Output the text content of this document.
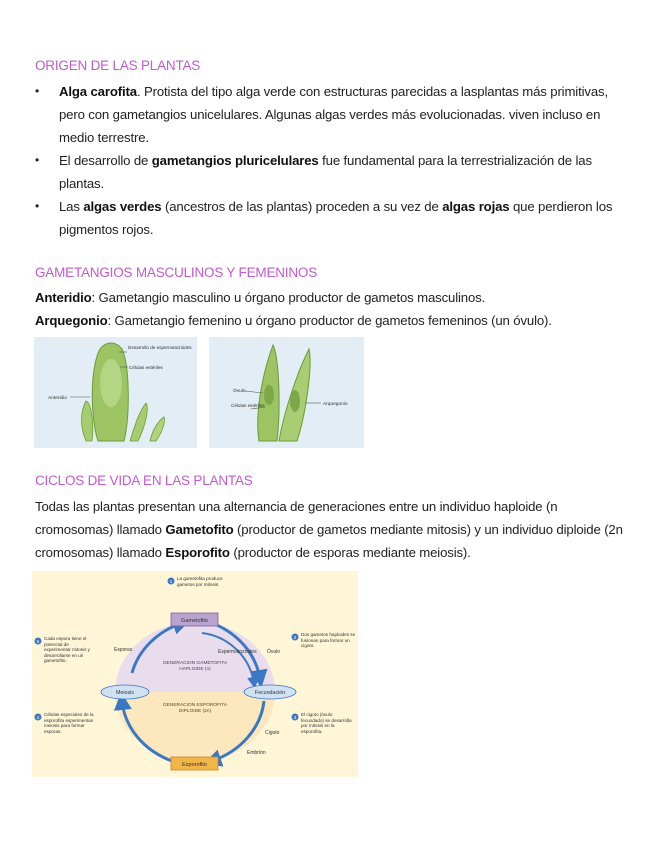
ORIGEN DE LAS PLANTAS
• Alga carofita. Protista del tipo alga verde con estructuras parecidas a lasplantas más primitivas, pero con gametangios unicelulares. Algunas algas verdes más evolucionadas. viven incluso en medio terrestre.
• El desarrollo de gametangios pluricelulares fue fundamental para la terrestrialización de las plantas.
• Las algas verdes (ancestros de las plantas) proceden a su vez de algas rojas que perdieron los pigmentos rojos.
GAMETANGIOS MASCULINOS Y FEMENINOS
Anteridio: Gametangio masculino u órgano productor de gametos masculinos.
Arquegonio: Gametangio femenino u órgano productor de gametos femeninos (un óvulo).
Desarrollo de espermatozoides
Células estériles
Anteridio
Óvulo
Células estériles	Arquegonio
CICLOS DE VIDA EN LAS PLANTAS
Todas las plantas presentan una alternancia de generaciones entre un individuo haploide (n cromosomas) llamado Gametofito (productor de gametos mediante mitosis) y un individuo diploide (2n cromosomas) llamado Esporofito (productor de esporas mediante meiosis).
Gametofito
Esporofito
Meiosis	Fecundación
Esporas	Espermatozoides Óvulo
Cigoto
Embrión
GENERACIÓN GAMETOFITA HAPLOIDE (n)
GENERACIÓN ESPOROFITA DIPLOIDE (2n)
1
La gametofita produce gametos por mitosis.
2
Dos gametos haploides se fusionan para formar un cigoto.
3
El cigoto (óvulo fecundado) se desarrolla por mitosis en la esporofita.
4
Células especiales de la esporofita experimentan meiosis para formar esporas.
5
Cada espora tiene el potencial de experimentar mitosis y desarrollarse en un gametofito.
